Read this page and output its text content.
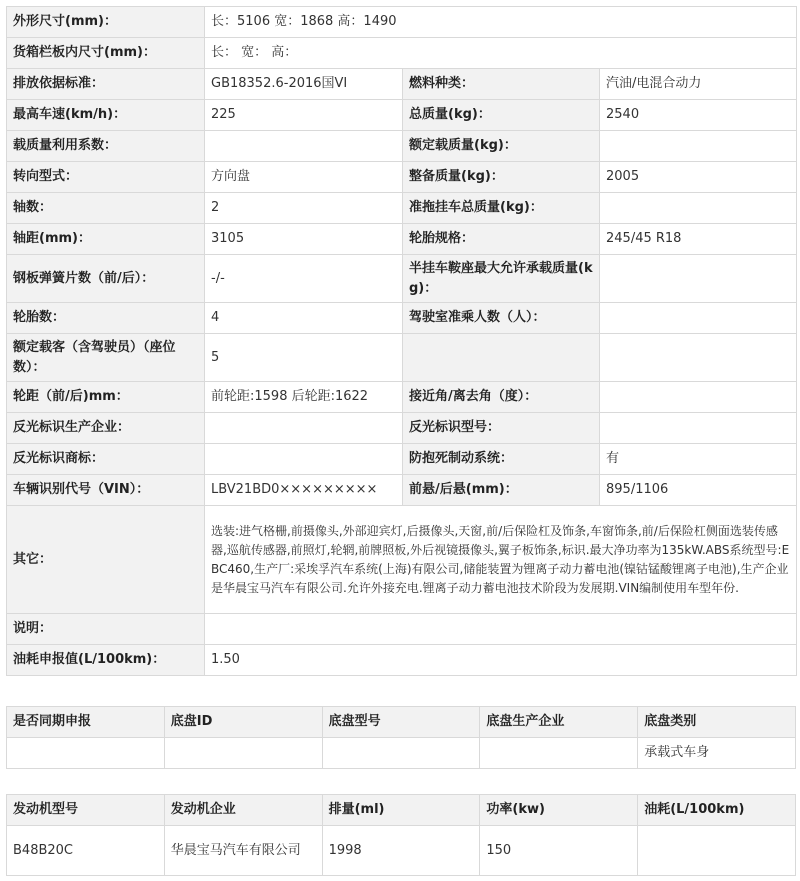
外形尺寸(mm)：	长：5106 宽：1868 高：1490		
货箱栏板内尺寸(mm)：	长： 宽： 高：		
排放依据标准：	GB18352.6-2016国VI	燃料种类：	汽油/电混合动力
最高车速(km/h)：	225	总质量(kg)：	2540
载质量利用系数：		额定载质量(kg)：	
转向型式：	方向盘	整备质量(kg)：	2005
轴数：	2	准拖挂车总质量(kg)：	
轴距(mm)：	3105	轮胎规格：	245/45 R18
钢板弹簧片数（前/后）：	-/-	半挂车鞍座最大允许承载质量(kg)：	
轮胎数：	4	驾驶室准乘人数（人）：	
额定载客（含驾驶员）（座位数）：	5		
轮距（前/后)mm：	前轮距:1598 后轮距:1622	接近角/离去角（度）：	
反光标识生产企业：		反光标识型号：	
反光标识商标：		防抱死制动系统：	有
车辆识别代号（VIN）：	LBV21BD0×××××××××	前悬/后悬(mm)：	895/1106
其它：	选装:进气格栅,前摄像头,外部迎宾灯,后摄像头,天窗,前/后保险杠及饰条,车窗饰条,前/后保险杠侧面选装传感器,巡航传感器,前照灯,轮辋,前牌照板,外后视镜摄像头,翼子板饰条,标识.最大净功率为135kW.ABS系统型号:EBC460,生产厂:采埃孚汽车系统(上海)有限公司,储能装置为锂离子动力蓄电池(镍钴锰酸锂离子电池),生产企业是华晨宝马汽车有限公司.允许外接充电.锂离子动力蓄电池技术阶段为发展期.VIN编制使用车型年份.		
说明：			
油耗申报值(L/100km)：	1.50		
是否同期申报	底盘ID	底盘型号	底盘生产企业	底盘类别
				承载式车身
发动机型号	发动机企业	排量(ml)	功率(kw)	油耗(L/100km)
B48B20C	华晨宝马汽车有限公司	1998	150	
